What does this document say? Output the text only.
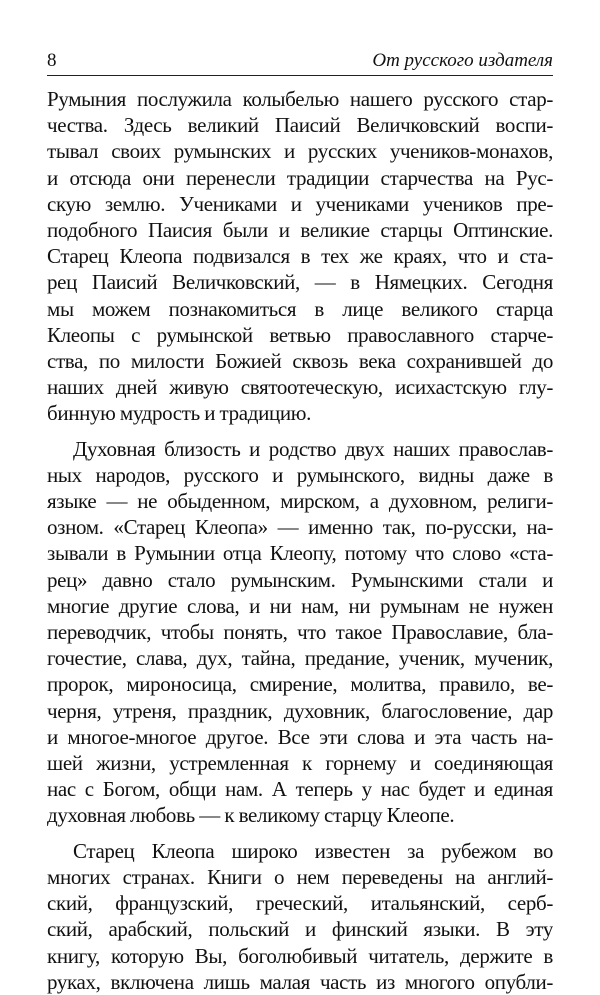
8	От русского издателя

Румыния послужила колыбелью нашего русского стар-
чества. Здесь великий Паисий Величковский воспи-
тывал своих румынских и русских учеников-монахов,
и отсюда они перенесли традиции старчества на Рус-
скую землю. Учениками и учениками учеников пре-
подобного Паисия были и великие старцы Оптинские.
Старец Клеопа подвизался в тех же краях, что и ста-
рец Паисий Величковский, — в Нямецких. Сегодня
мы можем познакомиться в лице великого старца
Клеопы с румынской ветвью православного старче-
ства, по милости Божией сквозь века сохранившей до
наших дней живую святоотеческую, исихастскую глу-
бинную мудрость и традицию.

Духовная близость и родство двух наших православ-
ных народов, русского и румынского, видны даже в
языке — не обыденном, мирском, а духовном, религи-
озном. «Старец Клеопа» — именно так, по-русски, на-
зывали в Румынии отца Клеопу, потому что слово «ста-
рец» давно стало румынским. Румынскими стали и
многие другие слова, и ни нам, ни румынам не нужен
переводчик, чтобы понять, что такое Православие, бла-
гочестие, слава, дух, тайна, предание, ученик, мученик,
пророк, мироносица, смирение, молитва, правило, ве-
черня, утреня, праздник, духовник, благословение, дар
и многое-многое другое. Все эти слова и эта часть на-
шей жизни, устремленная к горнему и соединяющая
нас с Богом, общи нам. А теперь у нас будет и единая
духовная любовь — к великому старцу Клеопе.

Старец Клеопа широко известен за рубежом во
многих странах. Книги о нем переведены на англий-
ский, французский, греческий, итальянский, серб-
ский, арабский, польский и финский языки. В эту
книгу, которую Вы, боголюбивый читатель, держите в
руках, включена лишь малая часть из многого опубли-
